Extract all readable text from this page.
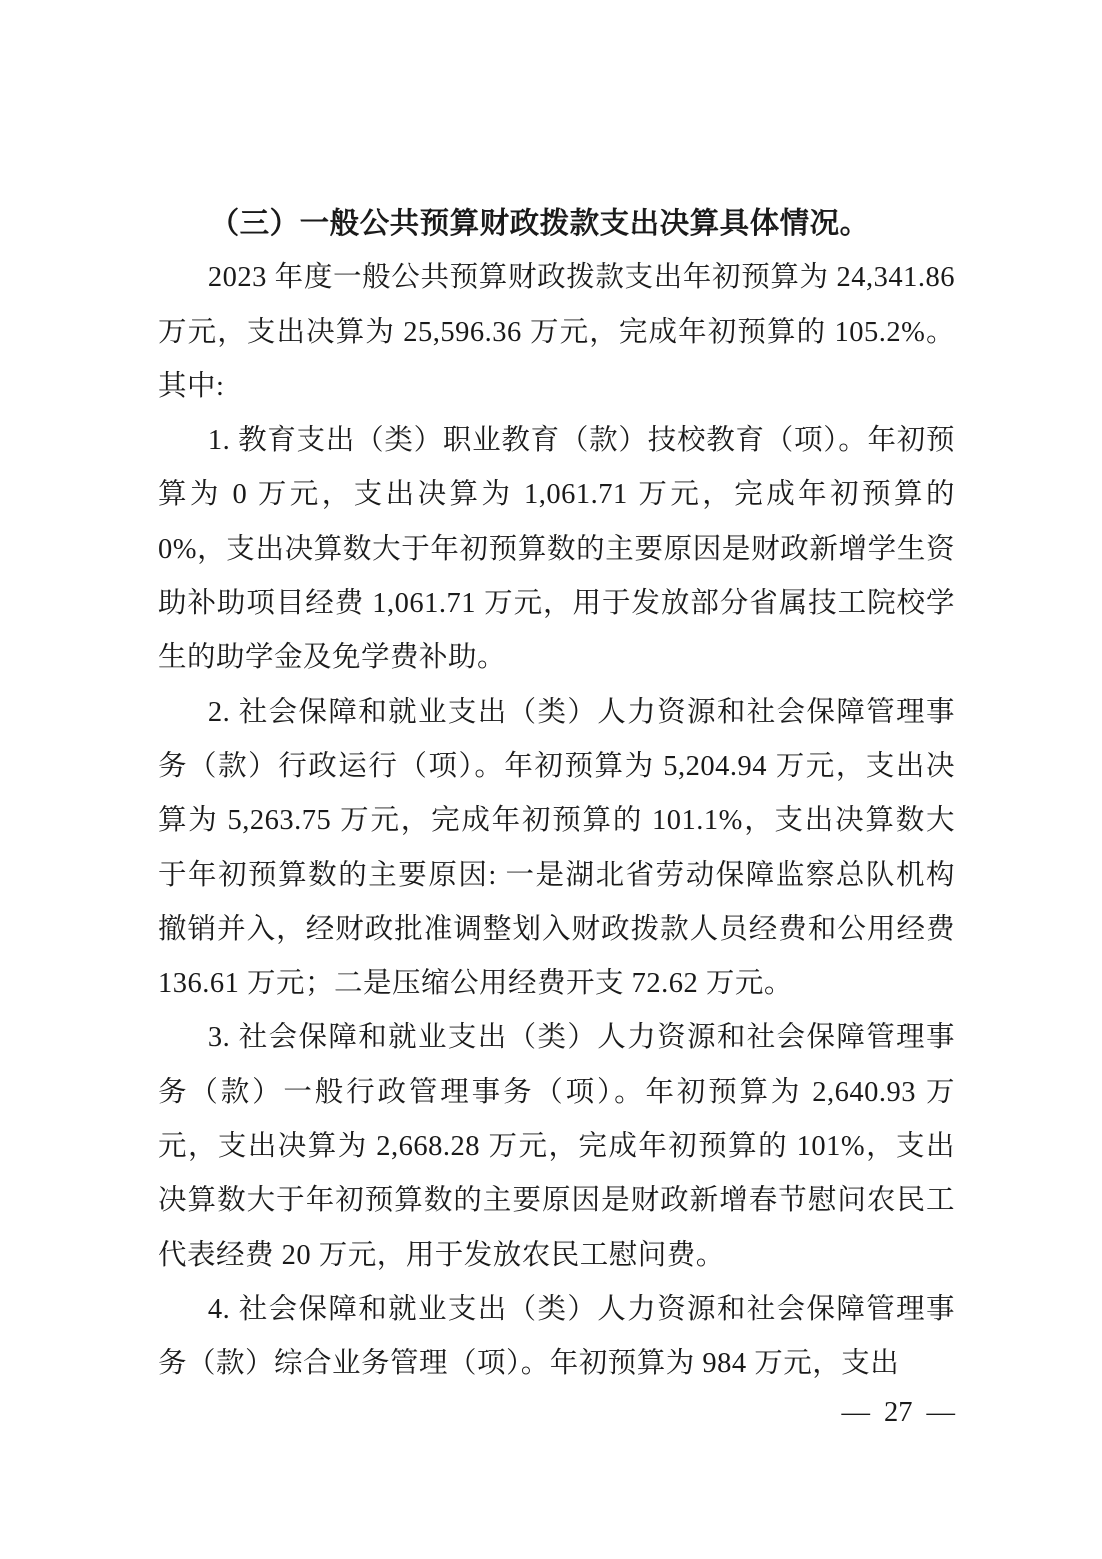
（三）一般公共预算财政拨款支出决算具体情况。

2023 年度一般公共预算财政拨款支出年初预算为 24,341.86 万元，支出决算为 25,596.36 万元，完成年初预算的 105.2%。其中:

1. 教育支出（类）职业教育（款）技校教育（项）。年初预算为 0 万元，支出决算为 1,061.71 万元，完成年初预算的 0%，支出决算数大于年初预算数的主要原因是财政新增学生资助补助项目经费 1,061.71 万元，用于发放部分省属技工院校学生的助学金及免学费补助。

2. 社会保障和就业支出（类）人力资源和社会保障管理事务（款）行政运行（项）。年初预算为 5,204.94 万元，支出决算为 5,263.75 万元，完成年初预算的 101.1%，支出决算数大于年初预算数的主要原因: 一是湖北省劳动保障监察总队机构撤销并入，经财政批准调整划入财政拨款人员经费和公用经费 136.61 万元；二是压缩公用经费开支 72.62 万元。

3. 社会保障和就业支出（类）人力资源和社会保障管理事务（款）一般行政管理事务（项）。年初预算为 2,640.93 万元，支出决算为 2,668.28 万元，完成年初预算的 101%，支出决算数大于年初预算数的主要原因是财政新增春节慰问农民工代表经费 20 万元，用于发放农民工慰问费。

4. 社会保障和就业支出（类）人力资源和社会保障管理事务（款）综合业务管理（项）。年初预算为 984 万元，支出

— 27 —
